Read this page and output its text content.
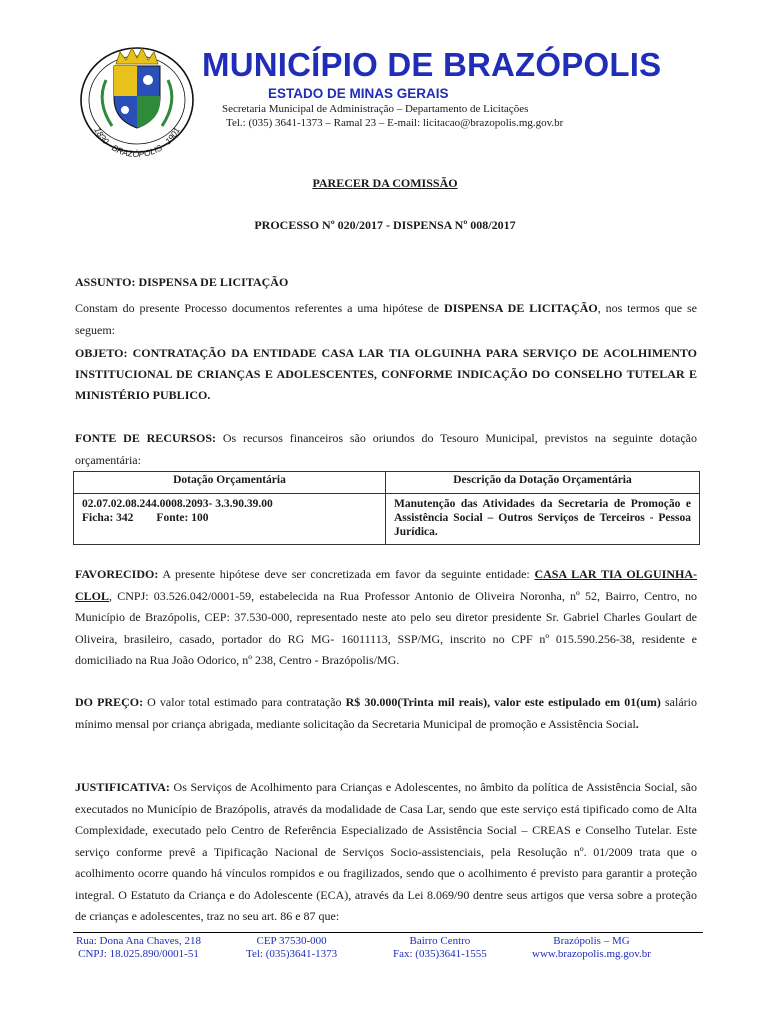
1830 · BRAZÓPOLIS · 1901
MUNICÍPIO DE BRAZÓPOLIS
ESTADO DE MINAS GERAIS
Secretaria Municipal de Administração – Departamento de Licitações
Tel.: (035) 3641-1373 – Ramal 23 – E-mail: licitacao@brazopolis.mg.gov.br
PARECER DA COMISSÃO
PROCESSO Nº 020/2017 - DISPENSA Nº 008/2017
ASSUNTO: DISPENSA DE LICITAÇÃO
Constam do presente Processo documentos referentes a uma hipótese de DISPENSA DE LICITAÇÃO, nos termos que se seguem:
OBJETO: CONTRATAÇÃO DA ENTIDADE CASA LAR TIA OLGUINHA PARA SERVIÇO DE ACOLHIMENTO INSTITUCIONAL DE CRIANÇAS E ADOLESCENTES, CONFORME INDICAÇÃO DO CONSELHO TUTELAR E MINISTÉRIO PUBLICO.
FONTE DE RECURSOS: Os recursos financeiros são oriundos do Tesouro Municipal, previstos na seguinte dotação orçamentária:
Dotação Orçamentária	Descrição da Dotação Orçamentária

02.07.02.08.244.0008.2093- 3.3.90.39.00
Ficha: 342        Fonte: 100	Manutenção das Atividades da Secretaria de Promoção e Assistência Social – Outros Serviços de Terceiros - Pessoa Jurídica.
FAVORECIDO: A presente hipótese deve ser concretizada em favor da seguinte entidade: CASA LAR TIA OLGUINHA-CLOL, CNPJ: 03.526.042/0001-59, estabelecida na Rua Professor Antonio de Oliveira Noronha, nº 52, Bairro, Centro, no Município de Brazópolis, CEP: 37.530-000, representado neste ato pelo seu diretor presidente Sr. Gabriel Charles Goulart de Oliveira, brasileiro, casado, portador do RG MG- 16011113, SSP/MG, inscrito no CPF nº 015.590.256-38, residente e domiciliado na Rua João Odorico, nº 238, Centro - Brazópolis/MG.
DO PREÇO: O valor total estimado para contratação R$ 30.000(Trinta mil reais), valor este estipulado em 01(um) salário mínimo mensal por criança abrigada, mediante solicitação da Secretaria Municipal de promoção e Assistência Social.
JUSTIFICATIVA: Os Serviços de Acolhimento para Crianças e Adolescentes, no âmbito da política de Assistência Social, são executados no Município de Brazópolis, através da modalidade de Casa Lar, sendo que este serviço está tipificado como de Alta Complexidade, executado pelo Centro de Referência Especializado de Assistência Social – CREAS e Conselho Tutelar. Este serviço conforme prevê a Tipificação Nacional de Serviços Socio-assistenciais, pela Resolução nº. 01/2009 trata que o acolhimento ocorre quando há vínculos rompidos e ou fragilizados, sendo que o acolhimento é previsto para garantir a proteção integral. O Estatuto da Criança e do Adolescente (ECA), através da Lei 8.069/90 dentre seus artigos que versa sobre a proteção de crianças e adolescentes, traz no seu art. 86 e 87 que:
Rua: Dona Ana Chaves, 218
CNPJ: 18.025.890/0001-51
CEP 37530-000
Tel: (035)3641-1373
Bairro Centro
Fax: (035)3641-1555
Brazópolis – MG
www.brazopolis.mg.gov.br
